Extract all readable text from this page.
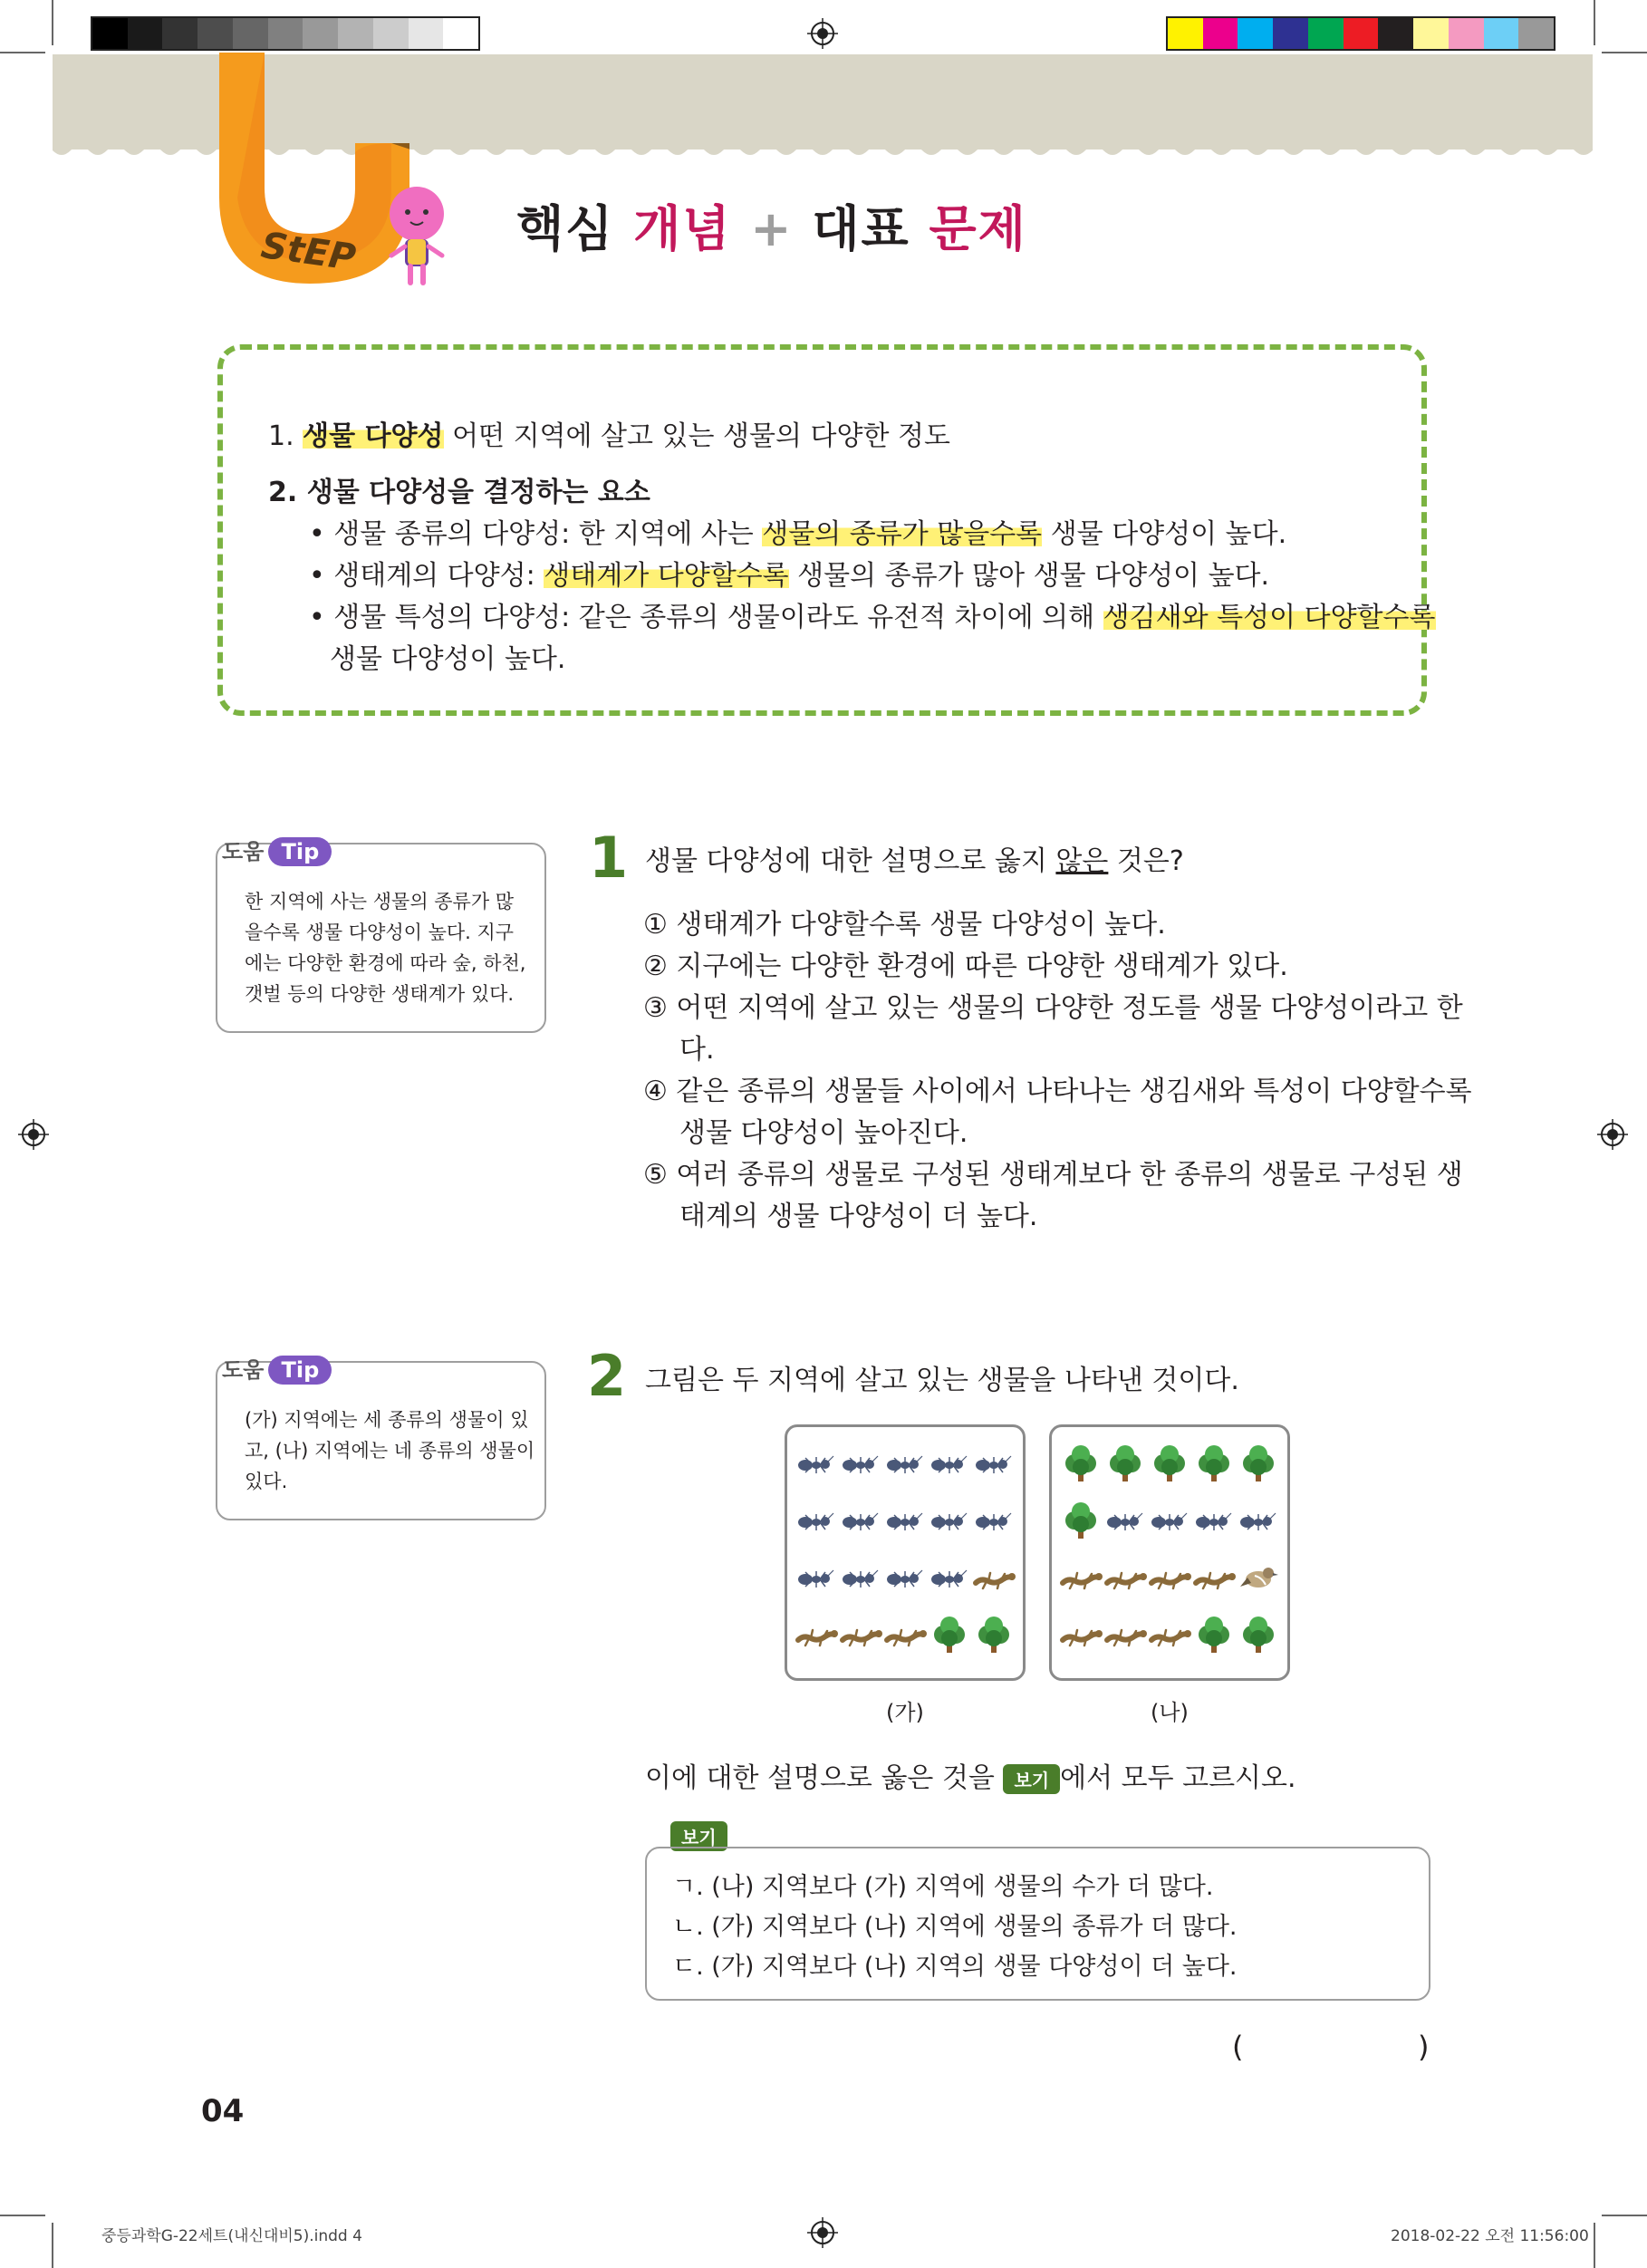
3
StEP	핵심 개념 + 대표 문제
1. 생물 다양성 어떤 지역에 살고 있는 생물의 다양한 정도
2. 생물 다양성을 결정하는 요소
• 생물 종류의 다양성: 한 지역에 사는 생물의 종류가 많을수록 생물 다양성이 높다.
• 생태계의 다양성: 생태계가 다양할수록 생물의 종류가 많아 생물 다양성이 높다.
• 생물 특성의 다양성: 같은 종류의 생물이라도 유전적 차이에 의해 생김새와 특성이 다양할수록
생물 다양성이 높다.
도움 Tip
한 지역에 사는 생물의 종류가 많
을수록 생물 다양성이 높다. 지구
에는 다양한 환경에 따라 숲, 하천,
갯벌 등의 다양한 생태계가 있다.
1 생물 다양성에 대한 설명으로 옳지 않은 것은?
① 생태계가 다양할수록 생물 다양성이 높다.
② 지구에는 다양한 환경에 따른 다양한 생태계가 있다.
③ 어떤 지역에 살고 있는 생물의 다양한 정도를 생물 다양성이라고 한
다.
④ 같은 종류의 생물들 사이에서 나타나는 생김새와 특성이 다양할수록
생물 다양성이 높아진다.
⑤ 여러 종류의 생물로 구성된 생태계보다 한 종류의 생물로 구성된 생
태계의 생물 다양성이 더 높다.
도움 Tip
(가) 지역에는 세 종류의 생물이 있
고, (나) 지역에는 네 종류의 생물이
있다.
2 그림은 두 지역에 살고 있는 생물을 나타낸 것이다.
(가)	(나)
이에 대한 설명으로 옳은 것을 보기 에서 모두 고르시오.
보기
ㄱ. (나) 지역보다 (가) 지역에 생물의 수가 더 많다.
ㄴ. (가) 지역보다 (나) 지역에 생물의 종류가 더 많다.
ㄷ. (가) 지역보다 (나) 지역의 생물 다양성이 더 높다.
(	)
04
중등과학G-22세트(내신대비5).indd 4	2018-02-22 오전 11:56:00
